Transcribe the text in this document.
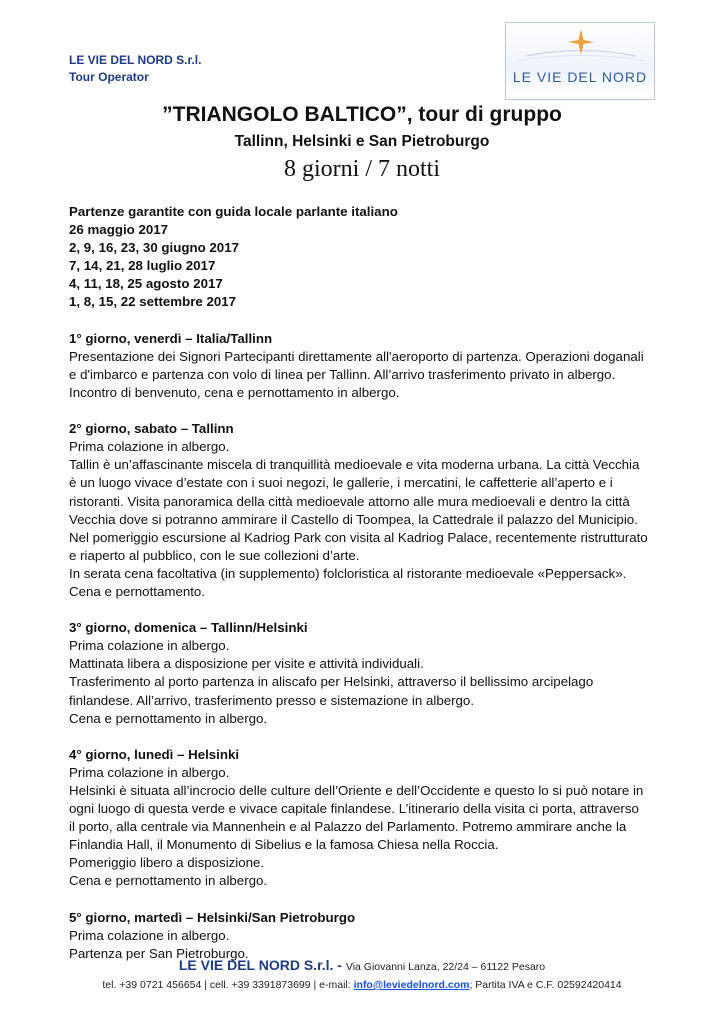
LE VIE DEL NORD S.r.l.
Tour Operator	LE VIE DEL NORD
”TRIANGOLO BALTICO”, tour di gruppo
Tallinn, Helsinki e San Pietroburgo
8 giorni / 7 notti

Partenze garantite con guida locale parlante italiano

26 maggio 2017

2, 9, 16, 23, 30 giugno 2017

7, 14, 21, 28 luglio 2017

4, 11, 18, 25 agosto 2017

1, 8, 15, 22 settembre 2017

1° giorno, venerdì – Italia/Tallinn

Presentazione dei Signori Partecipanti direttamente all'aeroporto di partenza. Operazioni doganali

e d'imbarco e partenza con volo di linea per Tallinn. All’arrivo trasferimento privato in albergo.

Incontro di benvenuto, cena e pernottamento in albergo.

2° giorno, sabato – Tallinn

Prima colazione in albergo.

Tallin è un’affascinante miscela di tranquillità medioevale e vita moderna urbana. La città Vecchia

è un luogo vivace d’estate con i suoi negozi, le gallerie, i mercatini, le caffetterie all’aperto e i

ristoranti. Visita panoramica della città medioevale attorno alle mura medioevali e dentro la città

Vecchia dove si potranno ammirare il Castello di Toompea, la Cattedrale il palazzo del Municipio.

Nel pomeriggio escursione al Kadriog Park con visita al Kadriog Palace, recentemente ristrutturato

e riaperto al pubblico, con le sue collezioni d’arte.

In serata cena facoltativa (in supplemento) folcloristica al ristorante medioevale «Peppersack».

Cena e pernottamento.

3° giorno, domenica – Tallinn/Helsinki

Prima colazione in albergo.

Mattinata libera a disposizione per visite e attività individuali.

Trasferimento al porto partenza in aliscafo per Helsinki, attraverso il bellissimo arcipelago

finlandese. All’arrivo, trasferimento presso e sistemazione in albergo.

Cena e pernottamento in albergo.

4° giorno, lunedì – Helsinki

Prima colazione in albergo.

Helsinki è situata all’incrocio delle culture dell’Oriente e dell’Occidente e questo lo si può notare in

ogni luogo di questa verde e vivace capitale finlandese. L’itinerario della visita ci porta, attraverso

il porto, alla centrale via Mannenhein e al Palazzo del Parlamento. Potremo ammirare anche la

Finlandia Hall, il Monumento di Sibelius e la famosa Chiesa nella Roccia.

Pomeriggio libero a disposizione.

Cena e pernottamento in albergo.

5° giorno, martedì – Helsinki/San Pietroburgo

Prima colazione in albergo.

Partenza per San Pietroburgo.

LE VIE DEL NORD S.r.l. - Via Giovanni Lanza, 22/24 – 61122 Pesaro
tel. +39 0721 456654 | cell. +39 3391873699 | e-mail: info@leviedelnord.com; Partita IVA e C.F. 02592420414
